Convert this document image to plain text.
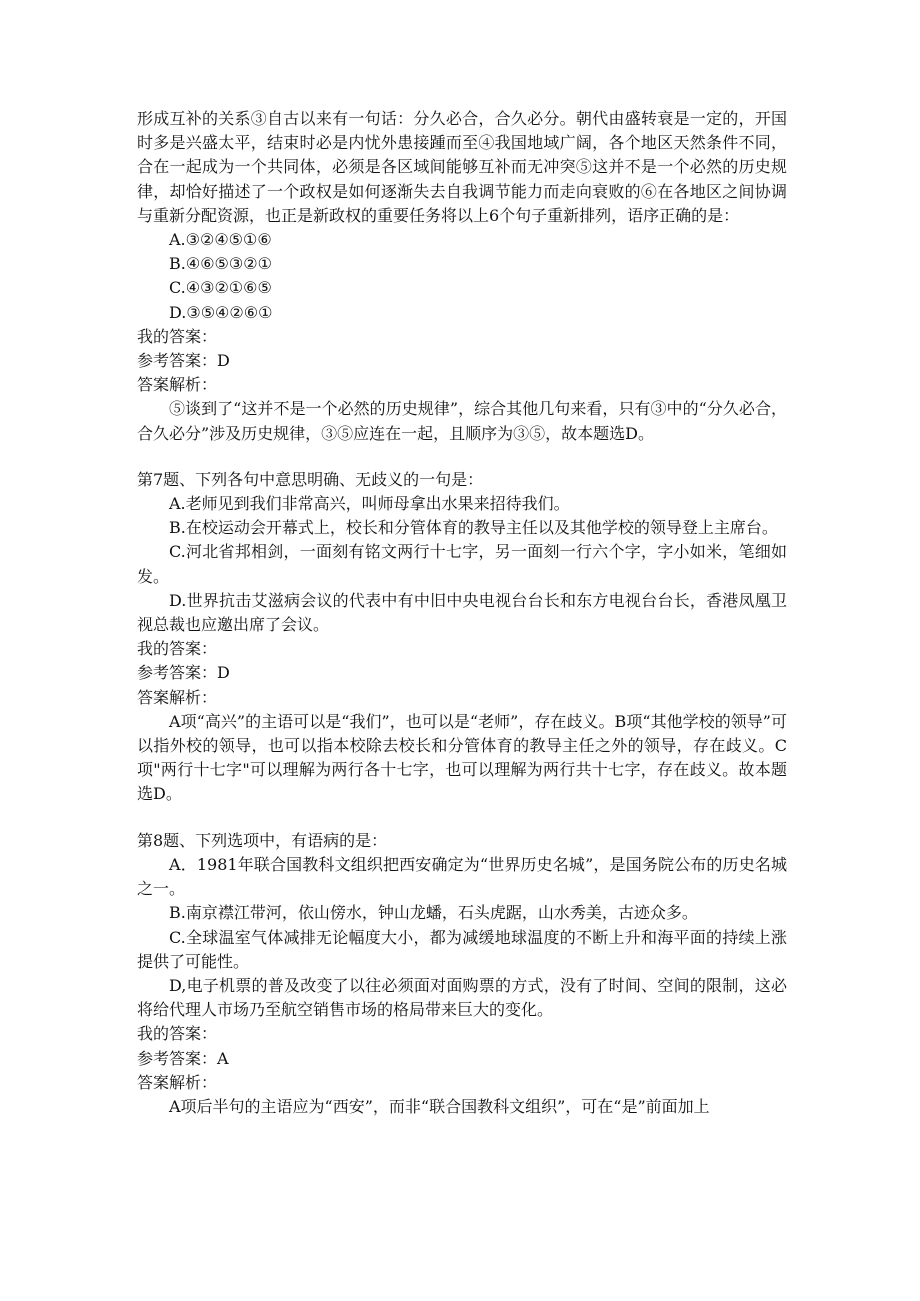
形成互补的关系③自古以来有一句话：分久必合，合久必分。朝代由盛转衰是一定的，开国时多是兴盛太平，结束时必是内忧外患接踵而至④我国地域广阔，各个地区天然条件不同，合在一起成为一个共同体，必须是各区域间能够互补而无冲突⑤这并不是一个必然的历史规律，却恰好描述了一个政权是如何逐渐失去自我调节能力而走向衰败的⑥在各地区之间协调与重新分配资源，也正是新政权的重要任务将以上6个句子重新排列，语序正确的是：

A.③②④⑤①⑥

B.④⑥⑤③②①

C.④③②①⑥⑤

D.③⑤④②⑥①

我的答案：

参考答案：D

答案解析：

⑤谈到了“这并不是一个必然的历史规律”，综合其他几句来看，只有③中的“分久必合，合久必分”涉及历史规律，③⑤应连在一起，且顺序为③⑤，故本题选D。

第7题、下列各句中意思明确、无歧义的一句是：

A.老师见到我们非常高兴，叫师母拿出水果来招待我们。

B.在校运动会开幕式上，校长和分管体育的教导主任以及其他学校的领导登上主席台。

C.河北省邦相剑，一面刻有铭文两行十七字，另一面刻一行六个字，字小如米，笔细如发。

D.世界抗击艾滋病会议的代表中有中旧中央电视台台长和东方电视台台长，香港凤凰卫视总裁也应邀出席了会议。

我的答案：

参考答案：D

答案解析：

A项“高兴”的主语可以是“我们”，也可以是“老师”，存在歧义。B项“其他学校的领导”可以指外校的领导，也可以指本校除去校长和分管体育的教导主任之外的领导，存在歧义。C项"两行十七字"可以理解为两行各十七字，也可以理解为两行共十七字，存在歧义。故本题选D。

第8题、下列选项中，有语病的是：

A．1981年联合国教科文组织把西安确定为“世界历史名城”，是国务院公布的历史名城之一。

B.南京襟江带河，依山傍水，钟山龙蟠，石头虎踞，山水秀美，古迹众多。

C.全球温室气体减排无论幅度大小，都为减缓地球温度的不断上升和海平面的持续上涨提供了可能性。

D,电子机票的普及改变了以往必须面对面购票的方式，没有了时间、空间的限制，这必将给代理人市场乃至航空销售市场的格局带来巨大的变化。

我的答案：

参考答案：A

答案解析：

A项后半句的主语应为“西安”，而非“联合国教科文组织”，可在“是”前面加上
